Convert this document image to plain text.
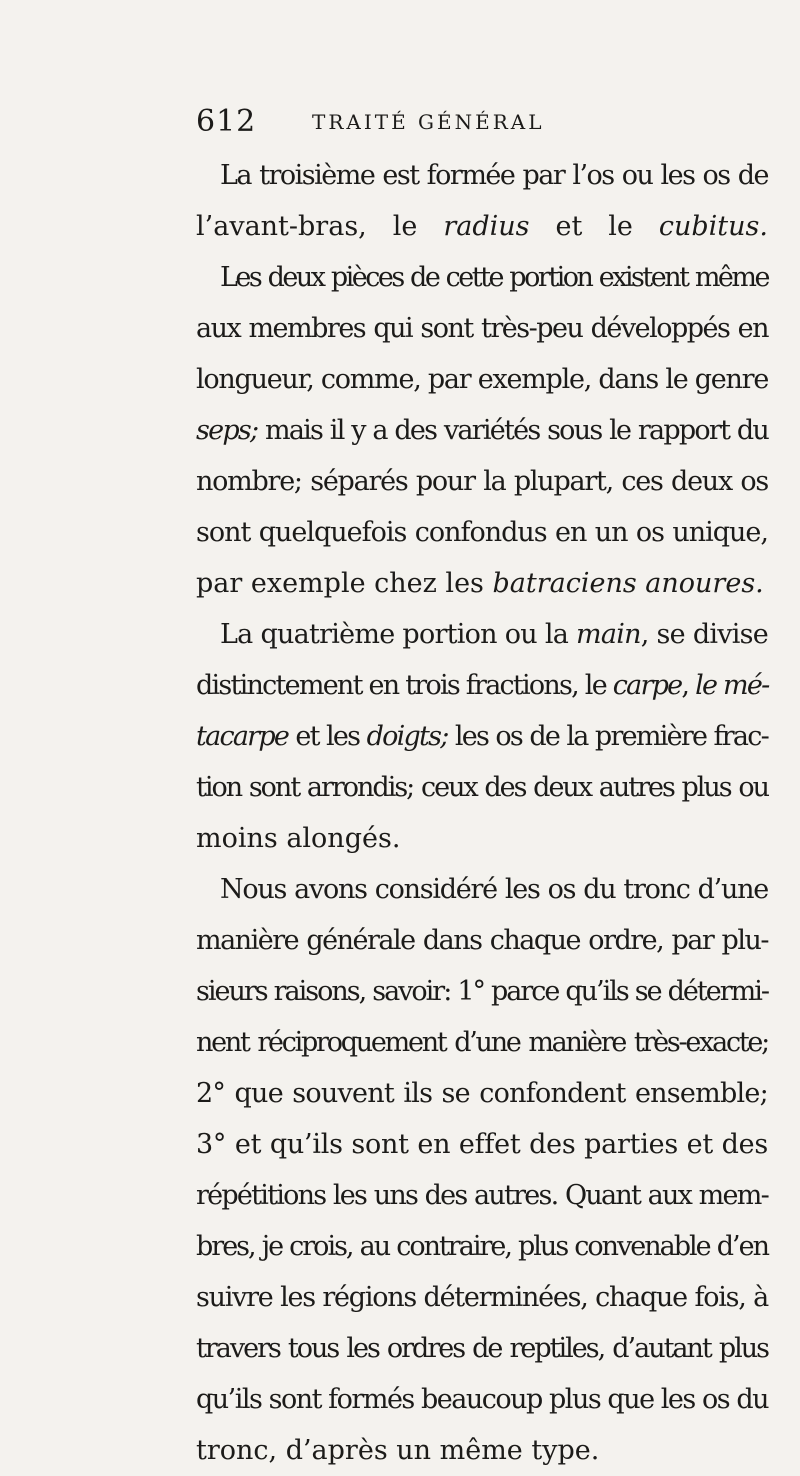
612	TRAITÉ GÉNÉRAL
La troisième est formée par l’os ou les os de
l’avant-bras, le radius et le cubitus.
Les deux pièces de cette portion existent même
aux membres qui sont très-peu développés en
longueur, comme, par exemple, dans le genre
seps; mais il y a des variétés sous le rapport du
nombre; séparés pour la plupart, ces deux os
sont quelquefois confondus en un os unique,
par exemple chez les batraciens anoures.
La quatrième portion ou la main, se divise
distinctement en trois fractions, le carpe, le mé-
tacarpe et les doigts; les os de la première frac-
tion sont arrondis; ceux des deux autres plus ou
moins alongés.
Nous avons considéré les os du tronc d’une
manière générale dans chaque ordre, par plu-
sieurs raisons, savoir: 1° parce qu’ils se détermi-
nent réciproquement d’une manière très-exacte;
2° que souvent ils se confondent ensemble;
3° et qu’ils sont en effet des parties et des
répétitions les uns des autres. Quant aux mem-
bres, je crois, au contraire, plus convenable d’en
suivre les régions déterminées, chaque fois, à
travers tous les ordres de reptiles, d’autant plus
qu’ils sont formés beaucoup plus que les os du
tronc, d’après un même type.
